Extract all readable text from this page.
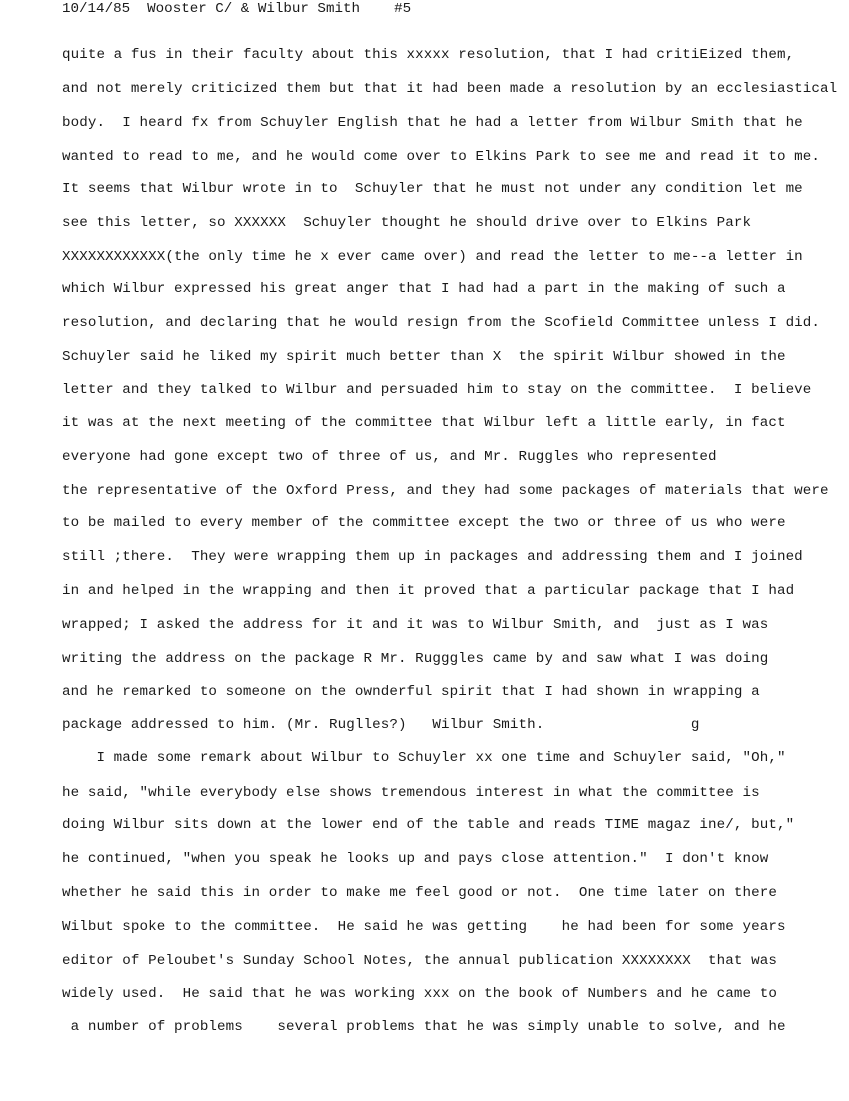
10/14/85 Wooster C/ & Wilbur Smith #5
quite a fus in their faculty about this xxxxx resolution, that I had critiEized them,
and not merely criticized them but that it had been made a resolution by an ecclesiastical
body.  I heard fx from Schuyler English that he had a letter from Wilbur Smith that he
wanted to read to me, and he would come over to Elkins Park to see me and read it to me.
It seems that Wilbur wrote in to  Schuyler that he must not under any condition let me
see this letter, so XXXXXX  Schuyler thought he should drive over to Elkins Park
XXXXXXXXXXXX(the only time he x ever came over) and read the letter to me--a letter in
which Wilbur expressed his great anger that I had had a part in the making of such a
resolution, and declaring that he would resign from the Scofield Committee unless I did.
Schuyler said he liked my spirit much better than X  the spirit Wilbur showed in the
letter and they talked to Wilbur and persuaded him to stay on the committee.  I believe
it was at the next meeting of the committee that Wilbur left a little early, in fact
everyone had gone except two of three of us, and Mr. Ruggles who represented
the representative of the Oxford Press, and they had some packages of materials that were
to be mailed to every member of the committee except the two or three of us who were
still ;there.  They were wrapping them up in packages and addressing them and I joined
in and helped in the wrapping and then it proved that a particular package that I had
wrapped; I asked the address for it and it was to Wilbur Smith, and  just as I was
writing the address on the package R Mr. Rugggles came by and saw what I was doing
and he remarked to someone on the ownderful spirit that I had shown in wrapping a
package addressed to him. (Mr. Ruglles?)   Wilbur Smith.                 g
I made some remark about Wilbur to Schuyler xx one time and Schuyler said, "Oh,"
he said, "while everybody else shows tremendous interest in what the committee is
doing Wilbur sits down at the lower end of the table and reads TIME magaz ine/, but,"
he continued, "when you speak he looks up and pays close attention."  I don't know
whether he said this in order to make me feel good or not.  One time later on there
Wilbut spoke to the committee.  He said he was getting    he had been for some years
editor of Peloubet's Sunday School Notes, the annual publication XXXXXXXX  that was
widely used.  He said that he was working xxx on the book of Numbers and he came to
a number of problems    several problems that he was simply unable to solve, and he
